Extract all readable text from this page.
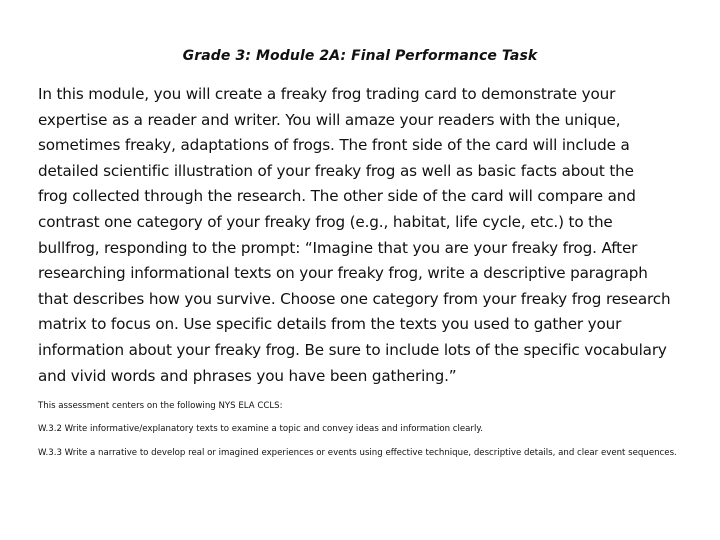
Grade 3: Module 2A: Final Performance Task

In this module, you will create a freaky frog trading card to demonstrate your
expertise as a reader and writer. You will amaze your readers with the unique,
sometimes freaky, adaptations of frogs. The front side of the card will include a
detailed scientific illustration of your freaky frog as well as basic facts about the
frog collected through the research. The other side of the card will compare and
contrast one category of your freaky frog (e.g., habitat, life cycle, etc.) to the
bullfrog, responding to the prompt: “Imagine that you are your freaky frog. After
researching informational texts on your freaky frog, write a descriptive paragraph
that describes how you survive. Choose one category from your freaky frog research
matrix to focus on. Use specific details from the texts you used to gather your
information about your freaky frog. Be sure to include lots of the specific vocabulary
and vivid words and phrases you have been gathering.”

This assessment centers on the following NYS ELA CCLS:
W.3.2 Write informative/explanatory texts to examine a topic and convey ideas and information clearly.
W.3.3 Write a narrative to develop real or imagined experiences or events using effective technique, descriptive details, and clear event sequences.
